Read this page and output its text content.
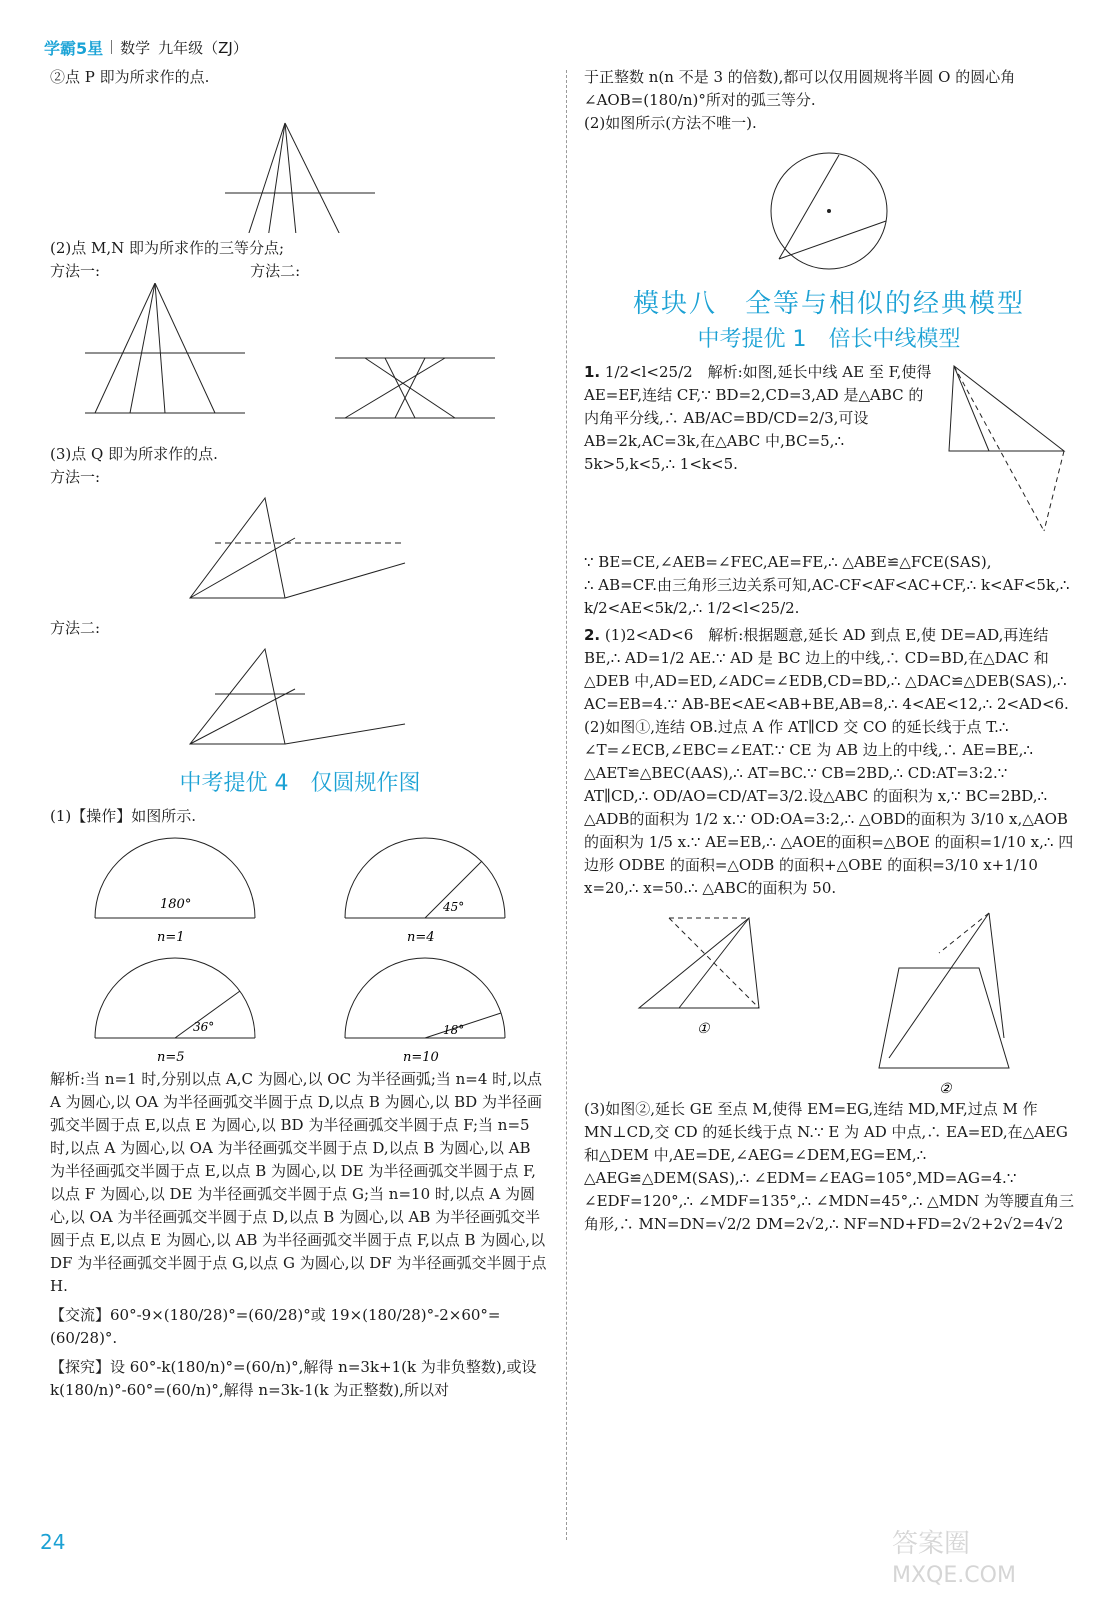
学霸5星 数学 九年级（ZJ）

②点 P 即为所求作的点.

(2)点 M,N 即为所求作的三等分点;

方法一:	方法二:

(3)点 Q 即为所求作的点.

方法一:

方法二:

中考提优 4　仅圆规作图

(1)【操作】如图所示.

180°
n=1
45°
n=4
36°
n=5
18°
n=10

解析:当 n=1 时,分别以点 A,C 为圆心,以 OC 为半径画弧;当 n=4 时,以点 A 为圆心,以 OA 为半径画弧交半圆于点 D,以点 B 为圆心,以 BD 为半径画弧交半圆于点 E,以点 E 为圆心,以 BD 为半径画弧交半圆于点 F;当 n=5 时,以点 A 为圆心,以 OA 为半径画弧交半圆于点 D,以点 B 为圆心,以 AB 为半径画弧交半圆于点 E,以点 B 为圆心,以 DE 为半径画弧交半圆于点 F,以点 F 为圆心,以 DE 为半径画弧交半圆于点 G;当 n=10 时,以点 A 为圆心,以 OA 为半径画弧交半圆于点 D,以点 B 为圆心,以 AB 为半径画弧交半圆于点 E,以点 E 为圆心,以 AB 为半径画弧交半圆于点 F,以点 B 为圆心,以 DF 为半径画弧交半圆于点 G,以点 G 为圆心,以 DF 为半径画弧交半圆于点 H.

【交流】60°-9×(180/28)°=(60/28)°或 19×(180/28)°-2×60°=(60/28)°.

【探究】设 60°-k(180/n)°=(60/n)°,解得 n=3k+1(k 为非负整数),或设 k(180/n)°-60°=(60/n)°,解得 n=3k-1(k 为正整数),所以对

于正整数 n(n 不是 3 的倍数),都可以仅用圆规将半圆 O 的圆心角∠AOB=(180/n)°所对的弧三等分.

(2)如图所示(方法不唯一).

模块八　全等与相似的经典模型
中考提优 1　倍长中线模型

1. 1/2<l<25/2　解析:如图,延长中线 AE 至 F,使得 AE=EF,连结 CF,∵ BD=2,CD=3,AD 是△ABC 的内角平分线,∴ AB/AC=BD/CD=2/3,可设 AB=2k,AC=3k,在△ABC 中,BC=5,∴ 5k>5,k<5,∴ 1<k<5.

∵ BE=CE,∠AEB=∠FEC,AE=FE,∴ △ABE≌△FCE(SAS),

∴ AB=CF.由三角形三边关系可知,AC-CF<AF<AC+CF,∴ k<AF<5k,∴ k/2<AE<5k/2,∴ 1/2<l<25/2.

2. (1)2<AD<6　解析:根据题意,延长 AD 到点 E,使 DE=AD,再连结 BE,∴ AD=1/2 AE.∵ AD 是 BC 边上的中线,∴ CD=BD,在△DAC 和△DEB 中,AD=ED,∠ADC=∠EDB,CD=BD,∴ △DAC≌△DEB(SAS),∴ AC=EB=4.∵ AB-BE<AE<AB+BE,AB=8,∴ 4<AE<12,∴ 2<AD<6.

(2)如图①,连结 OB.过点 A 作 AT∥CD 交 CO 的延长线于点 T.∴ ∠T=∠ECB,∠EBC=∠EAT.∵ CE 为 AB 边上的中线,∴ AE=BE,∴ △AET≌△BEC(AAS),∴ AT=BC.∵ CB=2BD,∴ CD:AT=3:2.∵ AT∥CD,∴ OD/AO=CD/AT=3/2.设△ABC 的面积为 x,∵ BC=2BD,∴ △ADB的面积为 1/2 x.∵ OD:OA=3:2,∴ △OBD的面积为 3/10 x,△AOB 的面积为 1/5 x.∵ AE=EB,∴ △AOE的面积=△BOE 的面积=1/10 x,∴ 四边形 ODBE 的面积=△ODB 的面积+△OBE 的面积=3/10 x+1/10 x=20,∴ x=50.∴ △ABC的面积为 50.

①
②

(3)如图②,延长 GE 至点 M,使得 EM=EG,连结 MD,MF,过点 M 作 MN⊥CD,交 CD 的延长线于点 N.∵ E 为 AD 中点,∴ EA=ED,在△AEG 和△DEM 中,AE=DE,∠AEG=∠DEM,EG=EM,∴ △AEG≌△DEM(SAS),∴ ∠EDM=∠EAG=105°,MD=AG=4.∵ ∠EDF=120°,∴ ∠MDF=135°,∴ ∠MDN=45°,∴ △MDN 为等腰直角三角形,∴ MN=DN=√2/2 DM=2√2,∴ NF=ND+FD=2√2+2√2=4√2

24	答案圈
MXQE.COM
